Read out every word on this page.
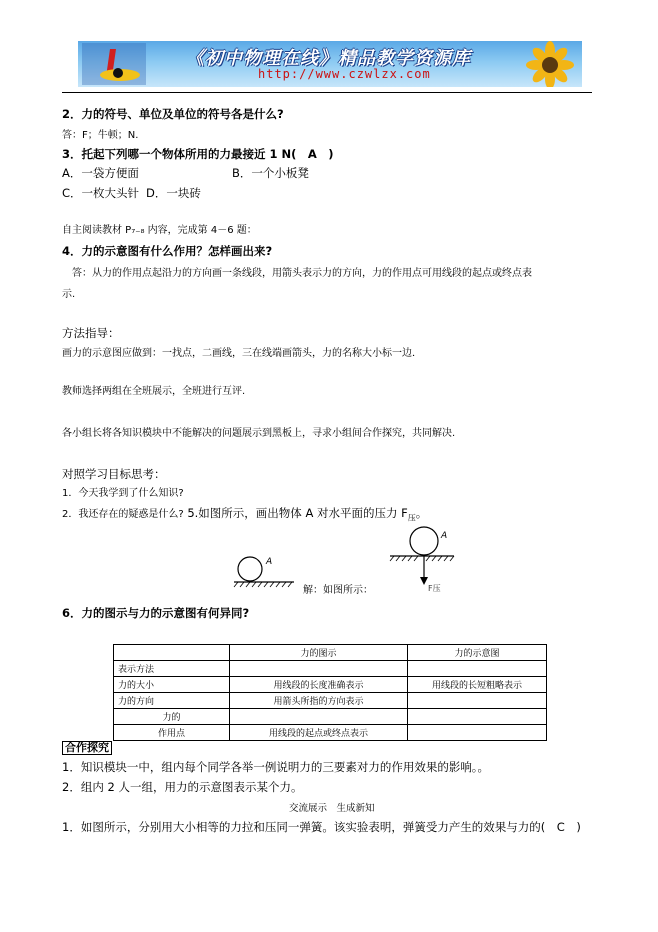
《初中物理在线》精品教学资源库
http://www.czwlzx.com
2．力的符号、单位及单位的符号各是什么?
答：F；牛顿；N.
3．托起下列哪一个物体所用的力最接近 1 N(　A　)
A．一袋方便面	B．一个小板凳
C．一枚大头针 D．一块砖
自主阅读教材 P₇₋₈ 内容，完成第 4－6 题：
4．力的示意图有什么作用？怎样画出来?
答：从力的作用点起沿力的方向画一条线段，用箭头表示力的方向，力的作用点可用线段的起点或终点表
示.
方法指导：
画力的示意图应做到：一找点，二画线，三在线端画箭头，力的名称大小标一边．
教师选择两组在全班展示，全班进行互评.
各小组长将各知识模块中不能解决的问题展示到黑板上，寻求小组间合作探究，共同解决.
对照学习目标思考：
1．今天我学到了什么知识?
2．我还存在的疑惑是什么? 5.如图所示，画出物体 A 对水平面的压力 $F_压$。
A
解：如图所示：
A
F压
6．力的图示与力的示意图有何异同?
	力的图示	力的示意图
表示方法		
力的大小	用线段的长度准确表示	用线段的长短粗略表示
力的方向	用箭头所指的方向表示	
力的		
作用点	用线段的起点或终点表示	
合作探究
1．知识模块一中，组内每个同学各举一例说明力的三要素对力的作用效果的影响。。
2．组内 2 人一组，用力的示意图表示某个力。
交流展示　生成新知
1．如图所示，分别用大小相等的力拉和压同一弹簧。该实验表明，弹簧受力产生的效果与力的(　C　)
